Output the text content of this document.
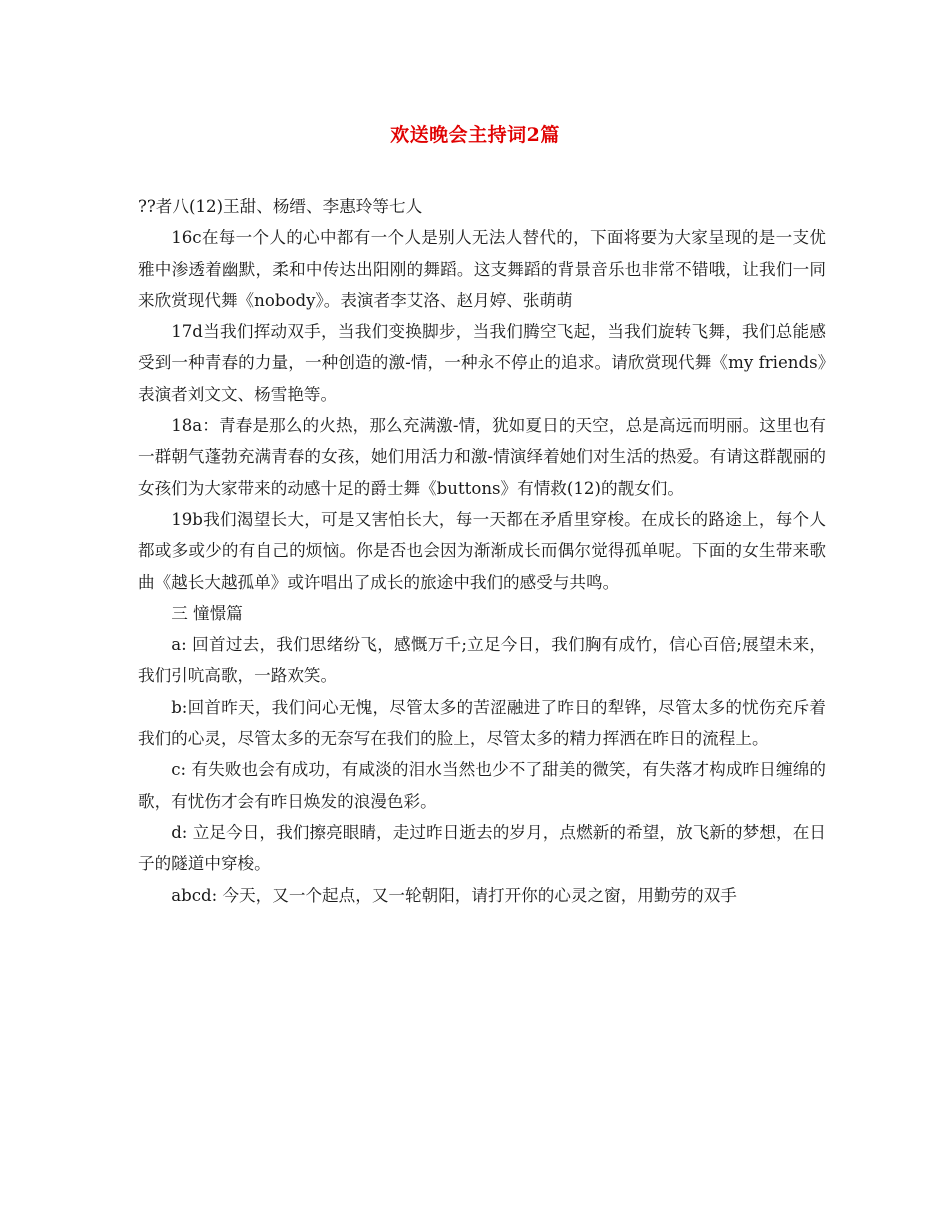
欢送晚会主持词2篇

??者八(12)王甜、杨缙、李惠玲等七人

16c在每一个人的心中都有一个人是别人无法人替代的，下面将要为大家呈现的是一支优雅中渗透着幽默，柔和中传达出阳刚的舞蹈。这支舞蹈的背景音乐也非常不错哦，让我们一同来欣赏现代舞《nobody》。表演者李艾洛、赵月婷、张萌萌

17d当我们挥动双手，当我们变换脚步，当我们腾空飞起，当我们旋转飞舞，我们总能感受到一种青春的力量，一种创造的激-情，一种永不停止的追求。请欣赏现代舞《my friends》表演者刘文文、杨雪艳等。

18a：青春是那么的火热，那么充满激-情，犹如夏日的天空，总是高远而明丽。这里也有一群朝气蓬勃充满青春的女孩，她们用活力和激-情演绎着她们对生活的热爱。有请这群靓丽的女孩们为大家带来的动感十足的爵士舞《buttons》有情救(12)的靓女们。

19b我们渴望长大，可是又害怕长大，每一天都在矛盾里穿梭。在成长的路途上，每个人都或多或少的有自己的烦恼。你是否也会因为渐渐成长而偶尔觉得孤单呢。下面的女生带来歌曲《越长大越孤单》或许唱出了成长的旅途中我们的感受与共鸣。

三 憧憬篇

a: 回首过去，我们思绪纷飞，感慨万千;立足今日，我们胸有成竹，信心百倍;展望未来，我们引吭高歌，一路欢笑。

b:回首昨天，我们问心无愧，尽管太多的苦涩融进了昨日的犁铧，尽管太多的忧伤充斥着我们的心灵，尽管太多的无奈写在我们的脸上，尽管太多的精力挥洒在昨日的流程上。

c: 有失败也会有成功，有咸淡的泪水当然也少不了甜美的微笑，有失落才构成昨日缠绵的歌，有忧伤才会有昨日焕发的浪漫色彩。

d: 立足今日，我们擦亮眼睛，走过昨日逝去的岁月，点燃新的希望，放飞新的梦想，在日子的隧道中穿梭。

abcd: 今天，又一个起点，又一轮朝阳，请打开你的心灵之窗，用勤劳的双手
